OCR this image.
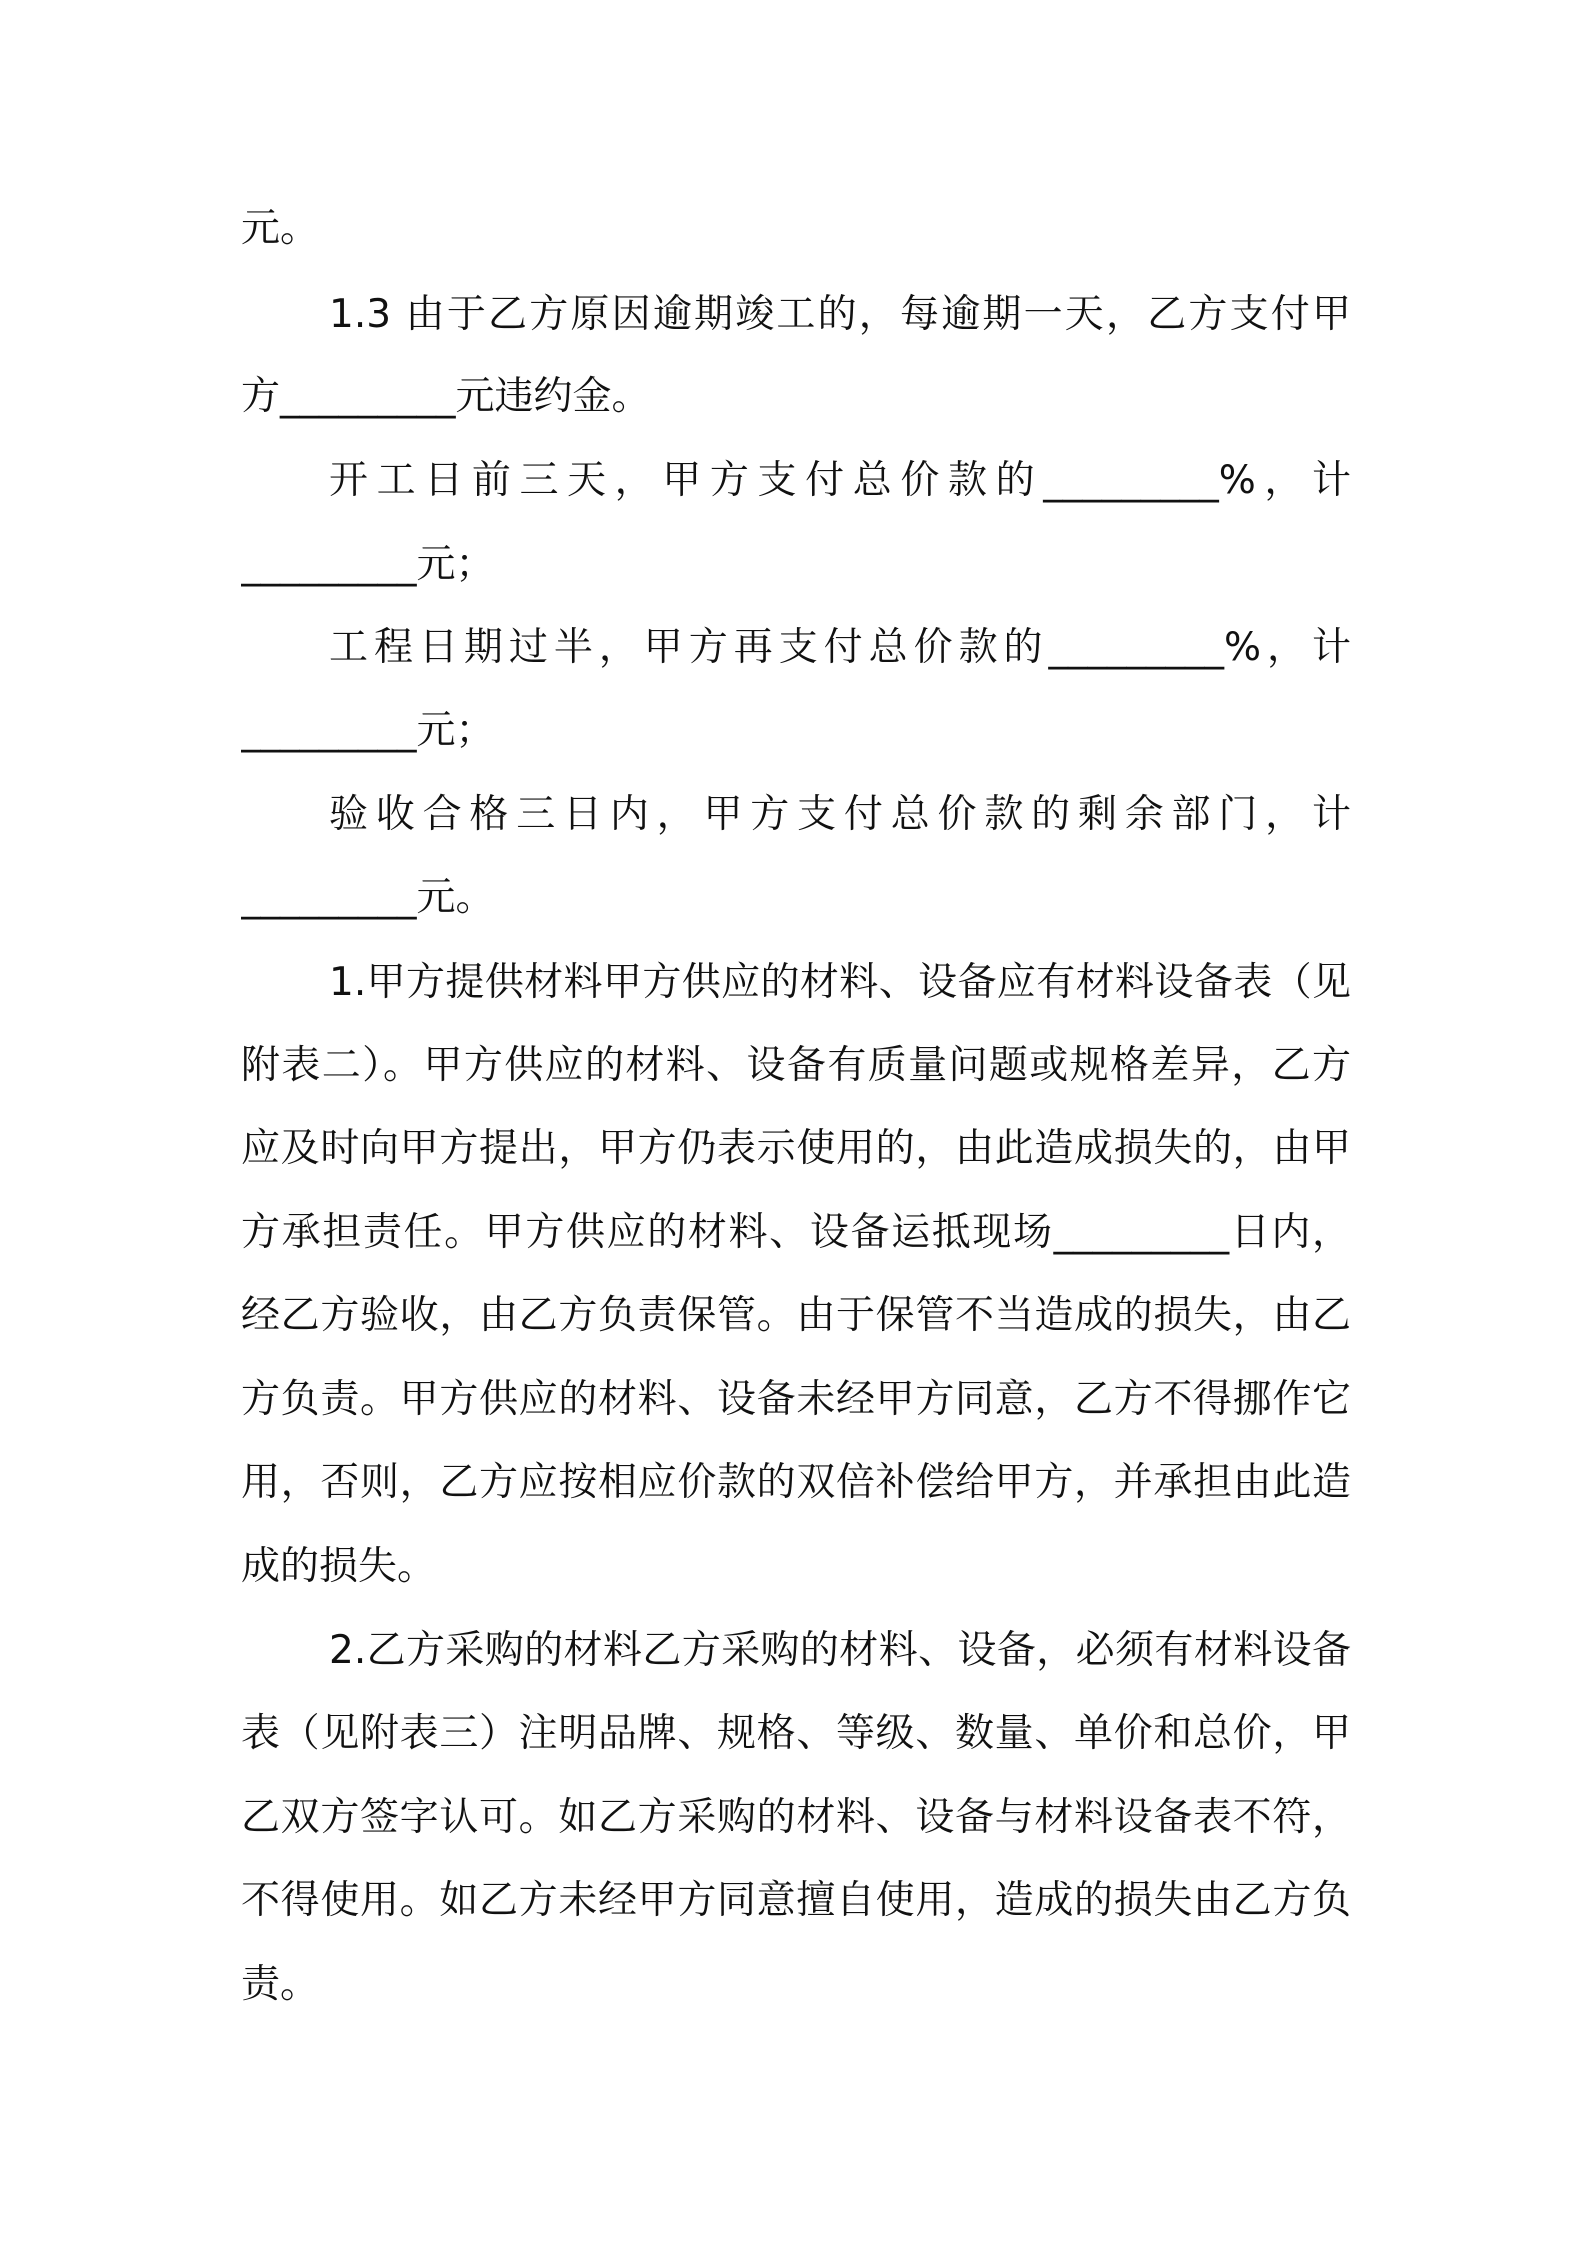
元。
1.3 由于乙方原因逾期竣工的，每逾期一天，乙方支付甲
方_________元违约金。
开工日前三天，甲方支付总价款的_________%，计
_________元；
工程日期过半，甲方再支付总价款的_________%，计
_________元；
验收合格三日内，甲方支付总价款的剩余部门，计
_________元。
1.甲方提供材料甲方供应的材料、设备应有材料设备表（见
附表二）。甲方供应的材料、设备有质量问题或规格差异，乙方
应及时向甲方提出，甲方仍表示使用的，由此造成损失的，由甲
方承担责任。甲方供应的材料、设备运抵现场_________日内，
经乙方验收，由乙方负责保管。由于保管不当造成的损失，由乙
方负责。甲方供应的材料、设备未经甲方同意，乙方不得挪作它
用，否则，乙方应按相应价款的双倍补偿给甲方，并承担由此造
成的损失。
2.乙方采购的材料乙方采购的材料、设备，必须有材料设备
表（见附表三）注明品牌、规格、等级、数量、单价和总价，甲
乙双方签字认可。如乙方采购的材料、设备与材料设备表不符，
不得使用。如乙方未经甲方同意擅自使用，造成的损失由乙方负
责。
